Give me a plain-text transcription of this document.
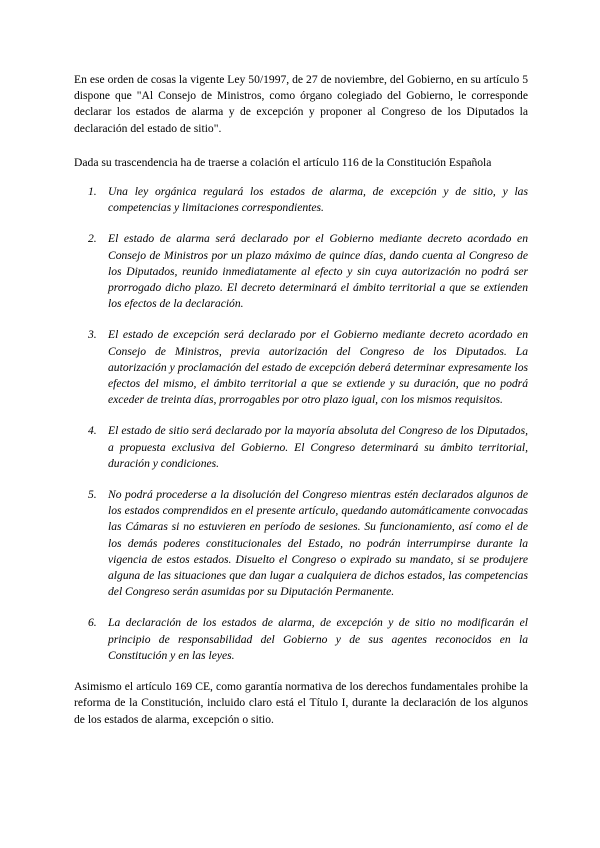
En ese orden de cosas la vigente Ley 50/1997, de 27 de noviembre, del Gobierno, en su artículo 5 dispone que "Al Consejo de Ministros, como órgano colegiado del Gobierno, le corresponde declarar los estados de alarma y de excepción y proponer al Congreso de los Diputados la declaración del estado de sitio".

Dada su trascendencia ha de traerse a colación el artículo 116 de la Constitución Española

1. Una ley orgánica regulará los estados de alarma, de excepción y de sitio, y las competencias y limitaciones correspondientes.
2. El estado de alarma será declarado por el Gobierno mediante decreto acordado en Consejo de Ministros por un plazo máximo de quince días, dando cuenta al Congreso de los Diputados, reunido inmediatamente al efecto y sin cuya autorización no podrá ser prorrogado dicho plazo. El decreto determinará el ámbito territorial a que se extienden los efectos de la declaración.
3. El estado de excepción será declarado por el Gobierno mediante decreto acordado en Consejo de Ministros, previa autorización del Congreso de los Diputados. La autorización y proclamación del estado de excepción deberá determinar expresamente los efectos del mismo, el ámbito territorial a que se extiende y su duración, que no podrá exceder de treinta días, prorrogables por otro plazo igual, con los mismos requisitos.
4. El estado de sitio será declarado por la mayoría absoluta del Congreso de los Diputados, a propuesta exclusiva del Gobierno. El Congreso determinará su ámbito territorial, duración y condiciones.
5. No podrá procederse a la disolución del Congreso mientras estén declarados algunos de los estados comprendidos en el presente artículo, quedando automáticamente convocadas las Cámaras si no estuvieren en período de sesiones. Su funcionamiento, así como el de los demás poderes constitucionales del Estado, no podrán interrumpirse durante la vigencia de estos estados. Disuelto el Congreso o expirado su mandato, si se produjere alguna de las situaciones que dan lugar a cualquiera de dichos estados, las competencias del Congreso serán asumidas por su Diputación Permanente.
6. La declaración de los estados de alarma, de excepción y de sitio no modificarán el principio de responsabilidad del Gobierno y de sus agentes reconocidos en la Constitución y en las leyes.

Asimismo el artículo 169 CE, como garantía normativa de los derechos fundamentales prohibe la reforma de la Constitución, incluido claro está el Título I, durante la declaración de los algunos de los estados de alarma, excepción o sitio.
